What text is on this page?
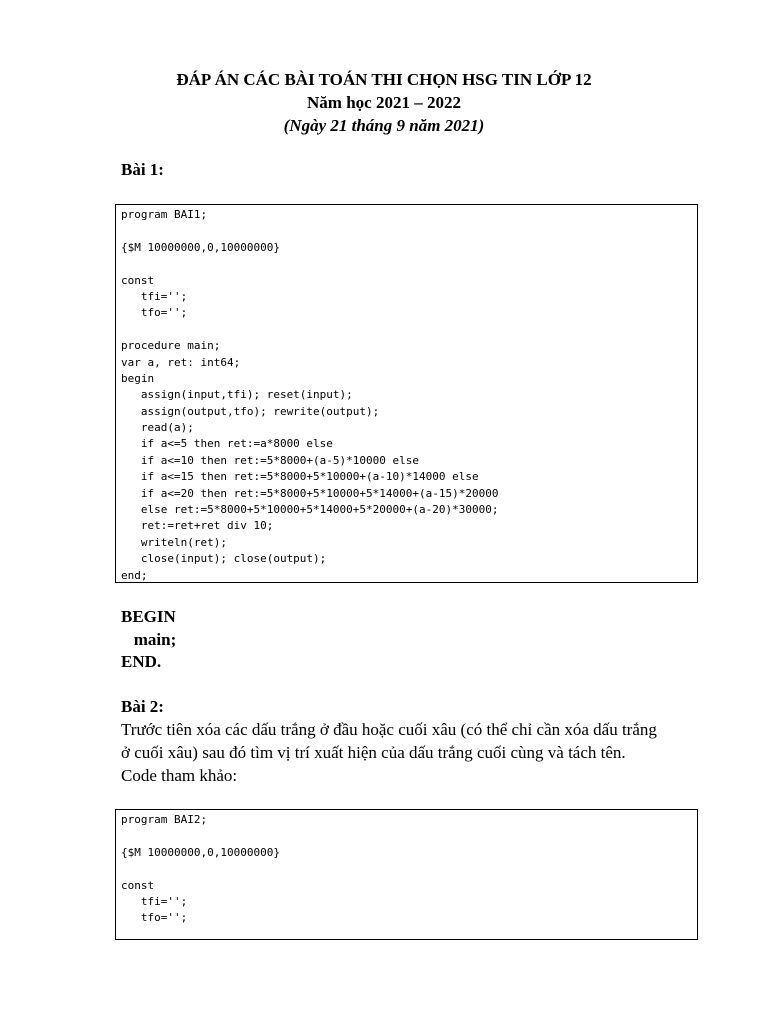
ĐÁP ÁN CÁC BÀI TOÁN THI CHỌN HSG TIN LỚP 12
Năm học 2021 – 2022
(Ngày 21 tháng 9 năm 2021)
Bài 1:
program BAI1;
{$M 10000000,0,10000000}
const
tfi='';
tfo='';
procedure main;
var a, ret: int64;
begin
assign(input,tfi); reset(input);
assign(output,tfo); rewrite(output);
read(a);
if a<=5 then ret:=a*8000 else
if a<=10 then ret:=5*8000+(a-5)*10000 else
if a<=15 then ret:=5*8000+5*10000+(a-10)*14000 else
if a<=20 then ret:=5*8000+5*10000+5*14000+(a-15)*20000
else ret:=5*8000+5*10000+5*14000+5*20000+(a-20)*30000;
ret:=ret+ret div 10;
writeln(ret);
close(input); close(output);
end;
BEGIN
main;
END.
Bài 2:
Trước tiên xóa các dấu trắng ở đầu hoặc cuối xâu (có thể chỉ cần xóa dấu trắng
ở cuối xâu) sau đó tìm vị trí xuất hiện của dấu trắng cuối cùng và tách tên.
Code tham khảo:
program BAI2;
{$M 10000000,0,10000000}
const
tfi='';
tfo='';
